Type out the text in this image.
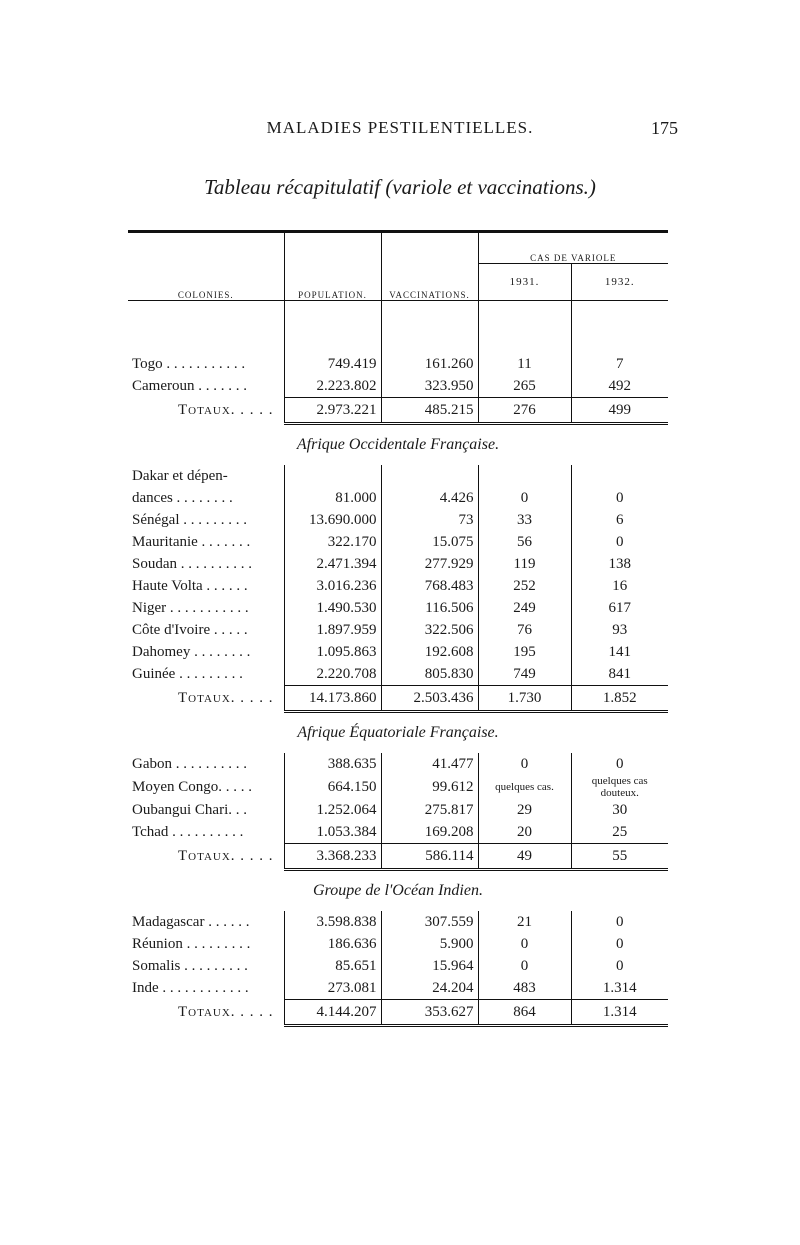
MALADIES PESTILENTIELLES.	175
Tableau récapitulatif (variole et vaccinations.)
COLONIES.	POPULATION.	VACCINATIONS.	CAS DE VARIOLE	
			1931.	1932.

Togo . . . . . . . . . . .	749.419	161.260	11	7
Cameroun . . . . . . .	2.223.802	323.950	265	492
Totaux. . . . .	2.973.221	485.215	276	499
Afrique Occidentale Française.				
Dakar et dépen-				
dances . . . . . . . .	81.000	4.426	0	0
Sénégal . . . . . . . . .	13.690.000	73	33	6
Mauritanie . . . . . . .	322.170	15.075	56	0
Soudan . . . . . . . . . .	2.471.394	277.929	119	138
Haute Volta . . . . . .	3.016.236	768.483	252	16
Niger . . . . . . . . . . .	1.490.530	116.506	249	617
Côte d'Ivoire . . . . .	1.897.959	322.506	76	93
Dahomey . . . . . . . .	1.095.863	192.608	195	141
Guinée . . . . . . . . .	2.220.708	805.830	749	841
Totaux. . . . .	14.173.860	2.503.436	1.730	1.852
Afrique Équatoriale Française.				
Gabon . . . . . . . . . .	388.635	41.477	0	0
Moyen Congo. . . . .	664.150	99.612	quelques cas.	quelques cas douteux.
Oubangui Chari. . .	1.252.064	275.817	29	30
Tchad . . . . . . . . . .	1.053.384	169.208	20	25
Totaux. . . . .	3.368.233	586.114	49	55
Groupe de l'Océan Indien.				
Madagascar . . . . . .	3.598.838	307.559	21	0
Réunion . . . . . . . . .	186.636	5.900	0	0
Somalis . . . . . . . . .	85.651	15.964	0	0
Inde . . . . . . . . . . . .	273.081	24.204	483	1.314
Totaux. . . . .	4.144.207	353.627	864	1.314
